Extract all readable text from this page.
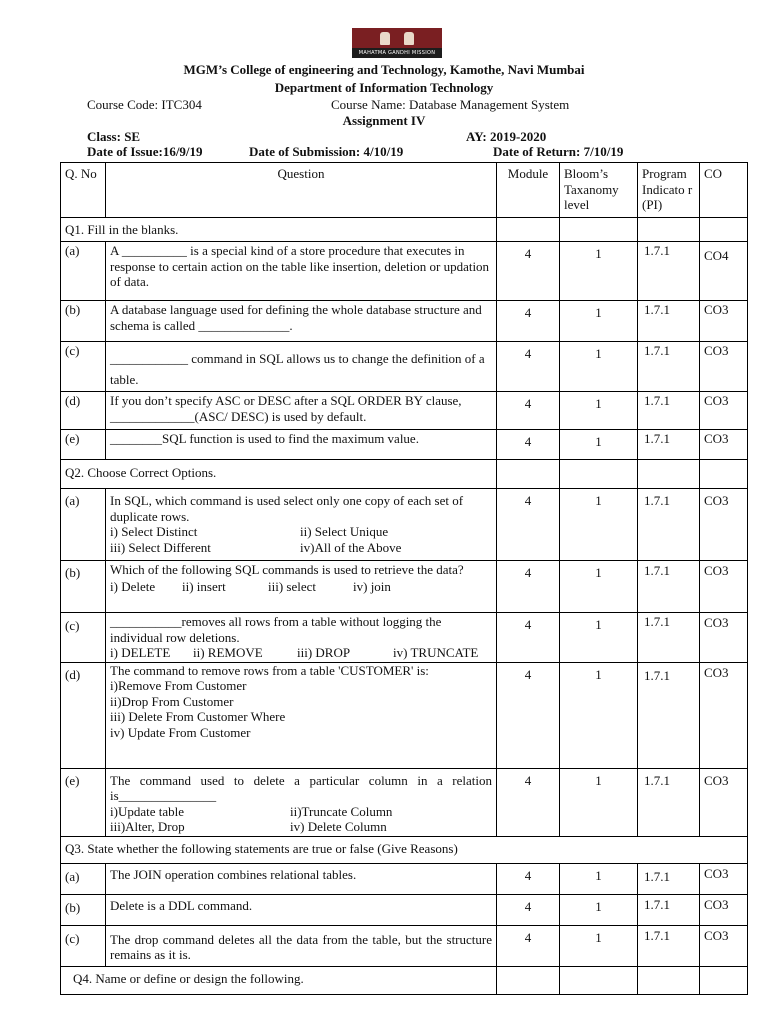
MAHATMA GANDHI MISSION
MGM’s College of engineering and Technology, Kamothe, Navi Mumbai
Department of Information Technology
Course Code: ITC304	Course Name: Database Management System
Assignment IV
Class: SE	AY: 2019-2020
Date of Issue:16/9/19	Date of Submission: 4/10/19	Date of Return: 7/10/19
Q. No	Question	Module	Bloom’s Taxanomy level	Program Indicato r (PI)	CO
Q1. Fill in the blanks.					
(a)	A __________ is a special kind of a store procedure that executes in response to certain action on the table like insertion, deletion or updation of data.	4	1	1.7.1	CO4
(b)	A database language used for defining the whole database structure and schema is called ______________.	4	1	1.7.1	CO3
(c)	____________ command in SQL allows us to change the definition of a table.	4	1	1.7.1	CO3
(d)	If you don’t specify ASC or DESC after a SQL ORDER BY clause, _____________(ASC/ DESC) is used by default.	4	1	1.7.1	CO3
(e)	________SQL function is used to find the maximum value.	4	1	1.7.1	CO3
Q2. Choose Correct Options.					
(a)	In SQL, which command is used select only one copy of each set of duplicate rows.
i) Select Distinct ii) Select Unique
iii) Select Different iv)All of the Above	4	1	1.7.1	CO3
(b)	Which of the following SQL commands is used to retrieve the data?
i) Delete ii) insert iii) select iv) join	4	1	1.7.1	CO3
(c)	___________removes all rows from a table without logging the individual row deletions.
i) DELETE ii) REMOVE iii) DROP iv) TRUNCATE	4	1	1.7.1	CO3
(d)	The command to remove rows from a table 'CUSTOMER' is:
i)Remove From Customer
ii)Drop From Customer
iii) Delete From Customer Where
iv) Update From Customer	4	1	1.7.1	CO3
(e)	The command used to delete a particular column in a relation is_______________
i)Update table ii)Truncate Column
iii)Alter, Drop iv) Delete Column	4	1	1.7.1	CO3
Q3. State whether the following statements are true or false (Give Reasons)					
(a)	The JOIN operation combines relational tables.	4	1	1.7.1	CO3
(b)	Delete is a DDL command.	4	1	1.7.1	CO3
(c)	The drop command deletes all the data from the table, but the structure remains as it is.	4	1	1.7.1	CO3
Q4. Name or define or design the following.					
